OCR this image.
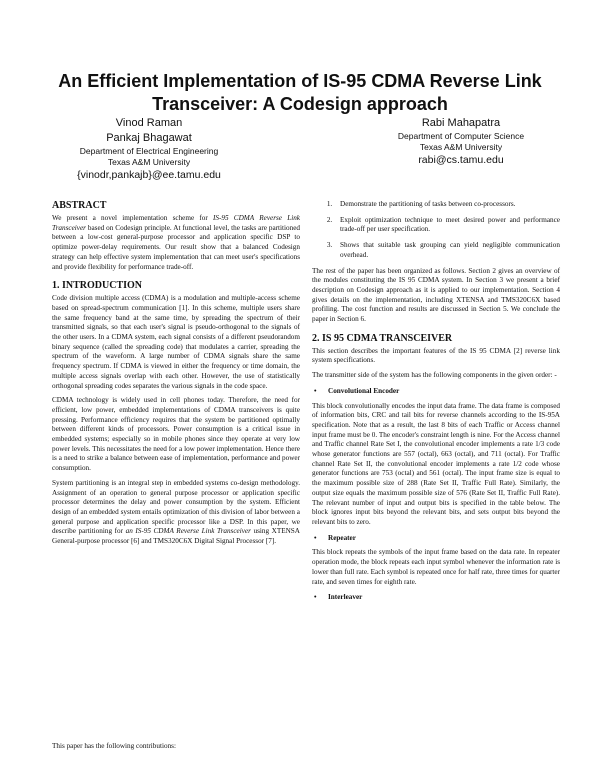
An Efficient Implementation of IS-95 CDMA Reverse Link Transceiver: A Codesign approach
Vinod Raman
Pankaj Bhagawat
Department of Electrical Engineering
Texas A&M University
{vinodr,pankajb}@ee.tamu.edu
Rabi Mahapatra
Department of Computer Science
Texas A&M University
rabi@cs.tamu.edu
ABSTRACT

We present a novel implementation scheme for IS-95 CDMA Reverse Link Transceiver based on Codesign principle. At functional level, the tasks are partitioned between a low-cost general-purpose processor and application specific DSP to optimize power-delay requirements. Our result show that a balanced Codesign strategy can help effective system implementation that can meet user's specifications and provide flexibility for performance trade-off.

1. INTRODUCTION

Code division multiple access (CDMA) is a modulation and multiple-access scheme based on spread-spectrum communication [1]. In this scheme, multiple users share the same frequency band at the same time, by spreading the spectrum of their transmitted signals, so that each user's signal is pseudo-orthogonal to the signals of the other users. In a CDMA system, each signal consists of a different pseudorandom binary sequence (called the spreading code) that modulates a carrier, spreading the spectrum of the waveform. A large number of CDMA signals share the same frequency spectrum. If CDMA is viewed in either the frequency or time domain, the multiple access signals overlap with each other. However, the use of statistically orthogonal spreading codes separates the various signals in the code space.

CDMA technology is widely used in cell phones today. Therefore, the need for efficient, low power, embedded implementations of CDMA transceivers is quite pressing. Performance efficiency requires that the system be partitioned optimally between different kinds of processors. Power consumption is a critical issue in embedded systems; especially so in mobile phones since they operate at very low power levels. This necessitates the need for a low power implementation. Hence there is a need to strike a balance between ease of implementation, performance and power consumption.

System partitioning is an integral step in embedded systems co-design methodology. Assignment of an operation to general purpose processor or application specific processor determines the delay and power consumption by the system. Efficient design of an embedded system entails optimization of this division of labor between a general purpose and application specific processor like a DSP. In this paper, we describe partitioning for an IS-95 CDMA Reverse Link Transceiver using XTENSA General-purpose processor [6] and TMS320C6X Digital Signal Processor [7].

This paper has the following contributions:
1. Demonstrate the partitioning of tasks between co-processors.
2. Exploit optimization technique to meet desired power and performance trade-off per user specification.
3. Shows that suitable task grouping can yield negligible communication overhead.

The rest of the paper has been organized as follows. Section 2 gives an overview of the modules constituting the IS 95 CDMA system. In Section 3 we present a brief description on Codesign approach as it is applied to our implementation. Section 4 gives details on the implementation, including XTENSA and TMS320C6X based profiling. The cost function and results are discussed in Section 5. We conclude the paper in Section 6.

2. IS 95 CDMA TRANSCEIVER

This section describes the important features of the IS 95 CDMA [2] reverse link system specifications.

The transmitter side of the system has the following components in the given order: -

• Convolutional Encoder

This block convolutionally encodes the input data frame. The data frame is composed of information bits, CRC and tail bits for reverse channels according to the IS-95A specification. Note that as a result, the last 8 bits of each Traffic or Access channel input frame must be 0. The encoder's constraint length is nine. For the Access channel and Traffic channel Rate Set I, the convolutional encoder implements a rate 1/3 code whose generator functions are 557 (octal), 663 (octal), and 711 (octal). For Traffic channel Rate Set II, the convolutional encoder implements a rate 1/2 code whose generator functions are 753 (octal) and 561 (octal). The input frame size is equal to the maximum possible size of 288 (Rate Set II, Traffic Full Rate). Similarly, the output size equals the maximum possible size of 576 (Rate Set II, Traffic Full Rate). The relevant number of input and output bits is specified in the table below. The block ignores input bits beyond the relevant bits, and sets output bits beyond the relevant bits to zero.

• Repeater

This block repeats the symbols of the input frame based on the data rate. In repeater operation mode, the block repeats each input symbol whenever the information rate is lower than full rate. Each symbol is repeated once for half rate, three times for quarter rate, and seven times for eighth rate.

• Interleaver
